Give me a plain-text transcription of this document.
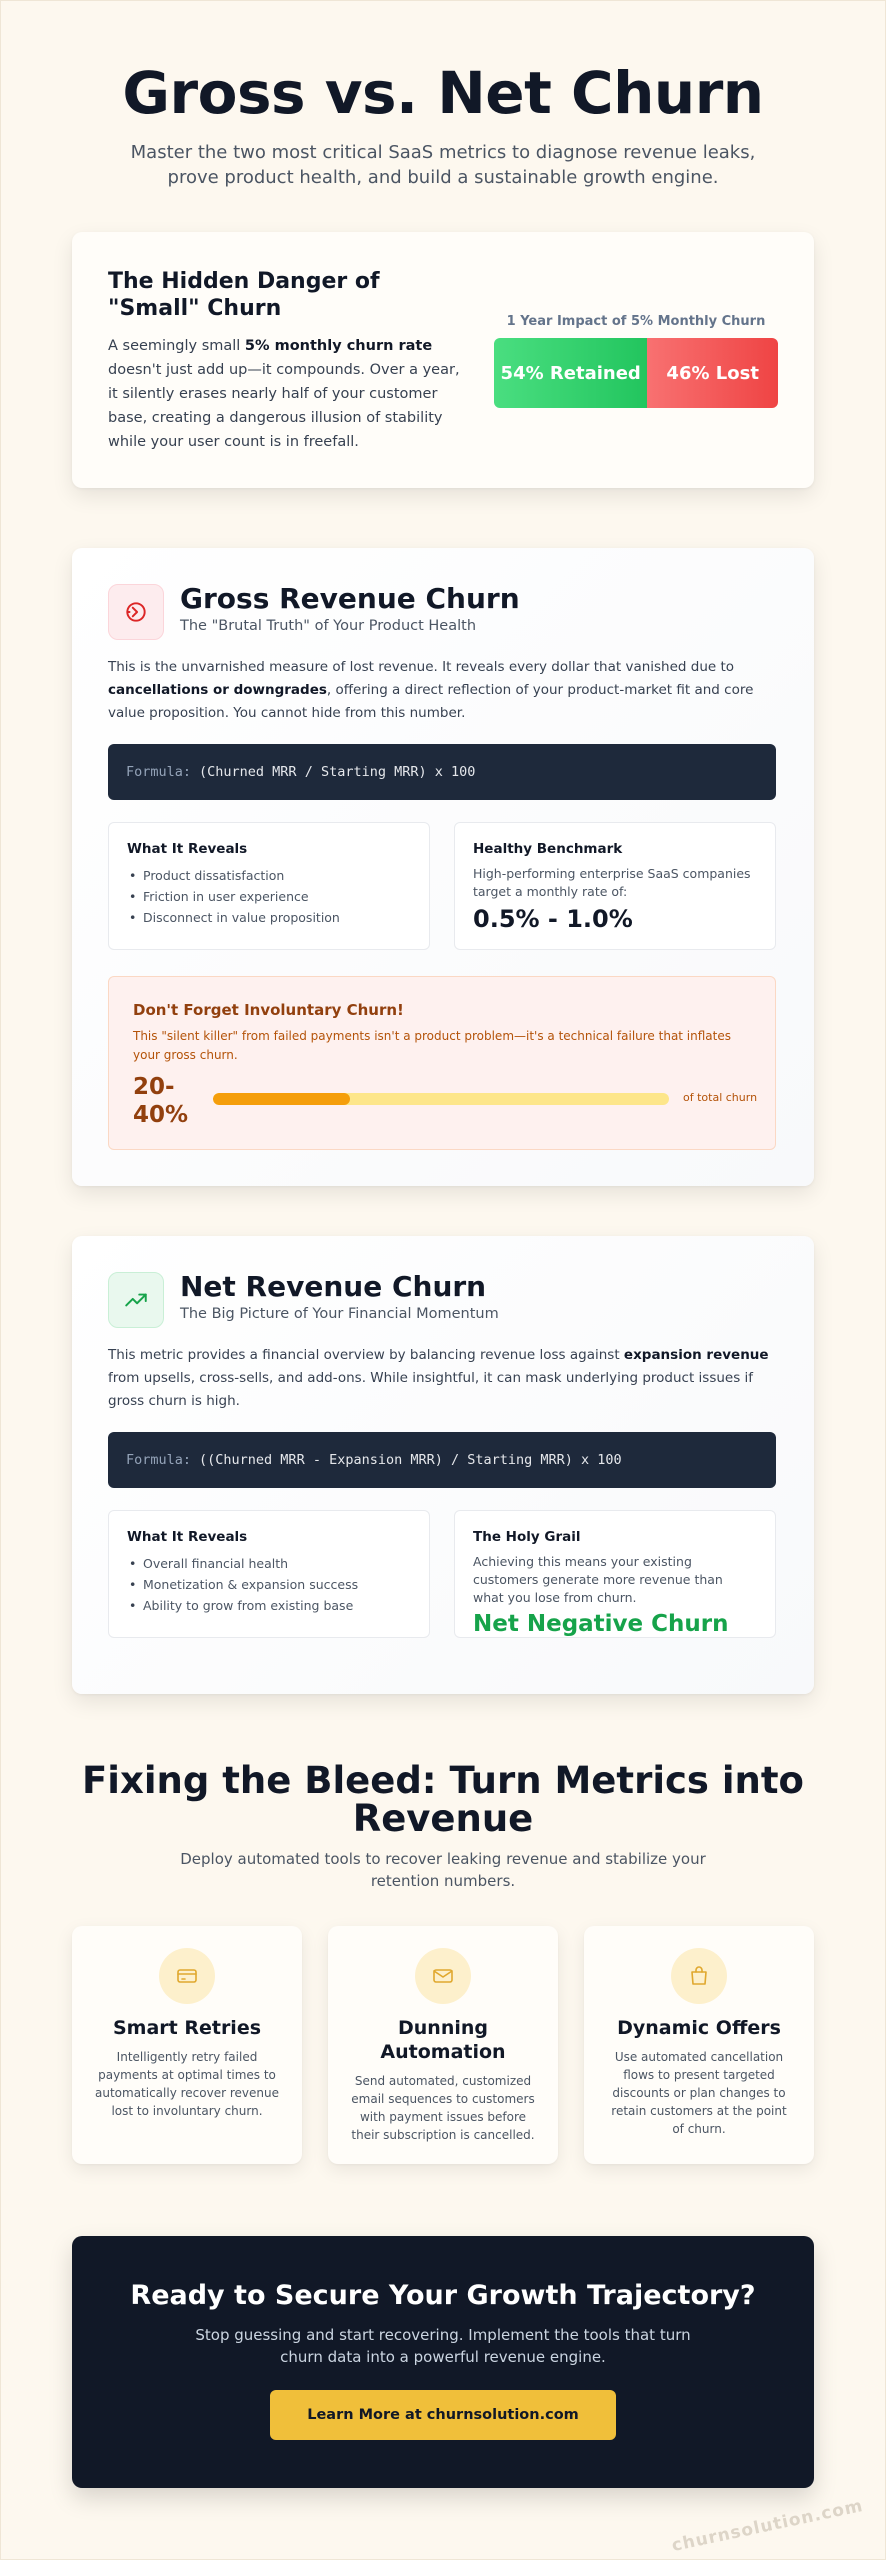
Gross vs. Net Churn

Master the two most critical SaaS metrics to diagnose revenue leaks, prove product health, and build a sustainable growth engine.

The Hidden Danger of "Small" Churn

A seemingly small 5% monthly churn rate doesn't just add up—it compounds. Over a year, it silently erases nearly half of your customer base, creating a dangerous illusion of stability while your user count is in freefall.

1 Year Impact of 5% Monthly Churn
54% Retained	46% Lost
Gross Revenue Churn
The "Brutal Truth" of Your Product Health

This is the unvarnished measure of lost revenue. It reveals every dollar that vanished due to cancellations or downgrades, offering a direct reflection of your product-market fit and core value proposition. You cannot hide from this number.

Formula: (Churned MRR / Starting MRR) x 100
What It Reveals
• Product dissatisfaction
• Friction in user experience
• Disconnect in value proposition
Healthy Benchmark
High-performing enterprise SaaS companies target a monthly rate of:
0.5% - 1.0%
Don't Forget Involuntary Churn!

This "silent killer" from failed payments isn't a product problem—it's a technical failure that inflates your gross churn.

20-
40%
of total churn
Net Revenue Churn
The Big Picture of Your Financial Momentum

This metric provides a financial overview by balancing revenue loss against expansion revenue from upsells, cross-sells, and add-ons. While insightful, it can mask underlying product issues if gross churn is high.

Formula: ((Churned MRR - Expansion MRR) / Starting MRR) x 100
What It Reveals
• Overall financial health
• Monetization & expansion success
• Ability to grow from existing base
The Holy Grail
Achieving this means your existing customers generate more revenue than what you lose from churn.
Net Negative Churn
Fixing the Bleed: Turn Metrics into Revenue

Deploy automated tools to recover leaking revenue and stabilize your retention numbers.

Smart Retries
Intelligently retry failed payments at optimal times to automatically recover revenue lost to involuntary churn.
Dunning Automation
Send automated, customized email sequences to customers with payment issues before their subscription is cancelled.
Dynamic Offers
Use automated cancellation flows to present targeted discounts or plan changes to retain customers at the point of churn.
Ready to Secure Your Growth Trajectory?

Stop guessing and start recovering. Implement the tools that turn churn data into a powerful revenue engine.

Learn More at churnsolution.com
churnsolution.com
